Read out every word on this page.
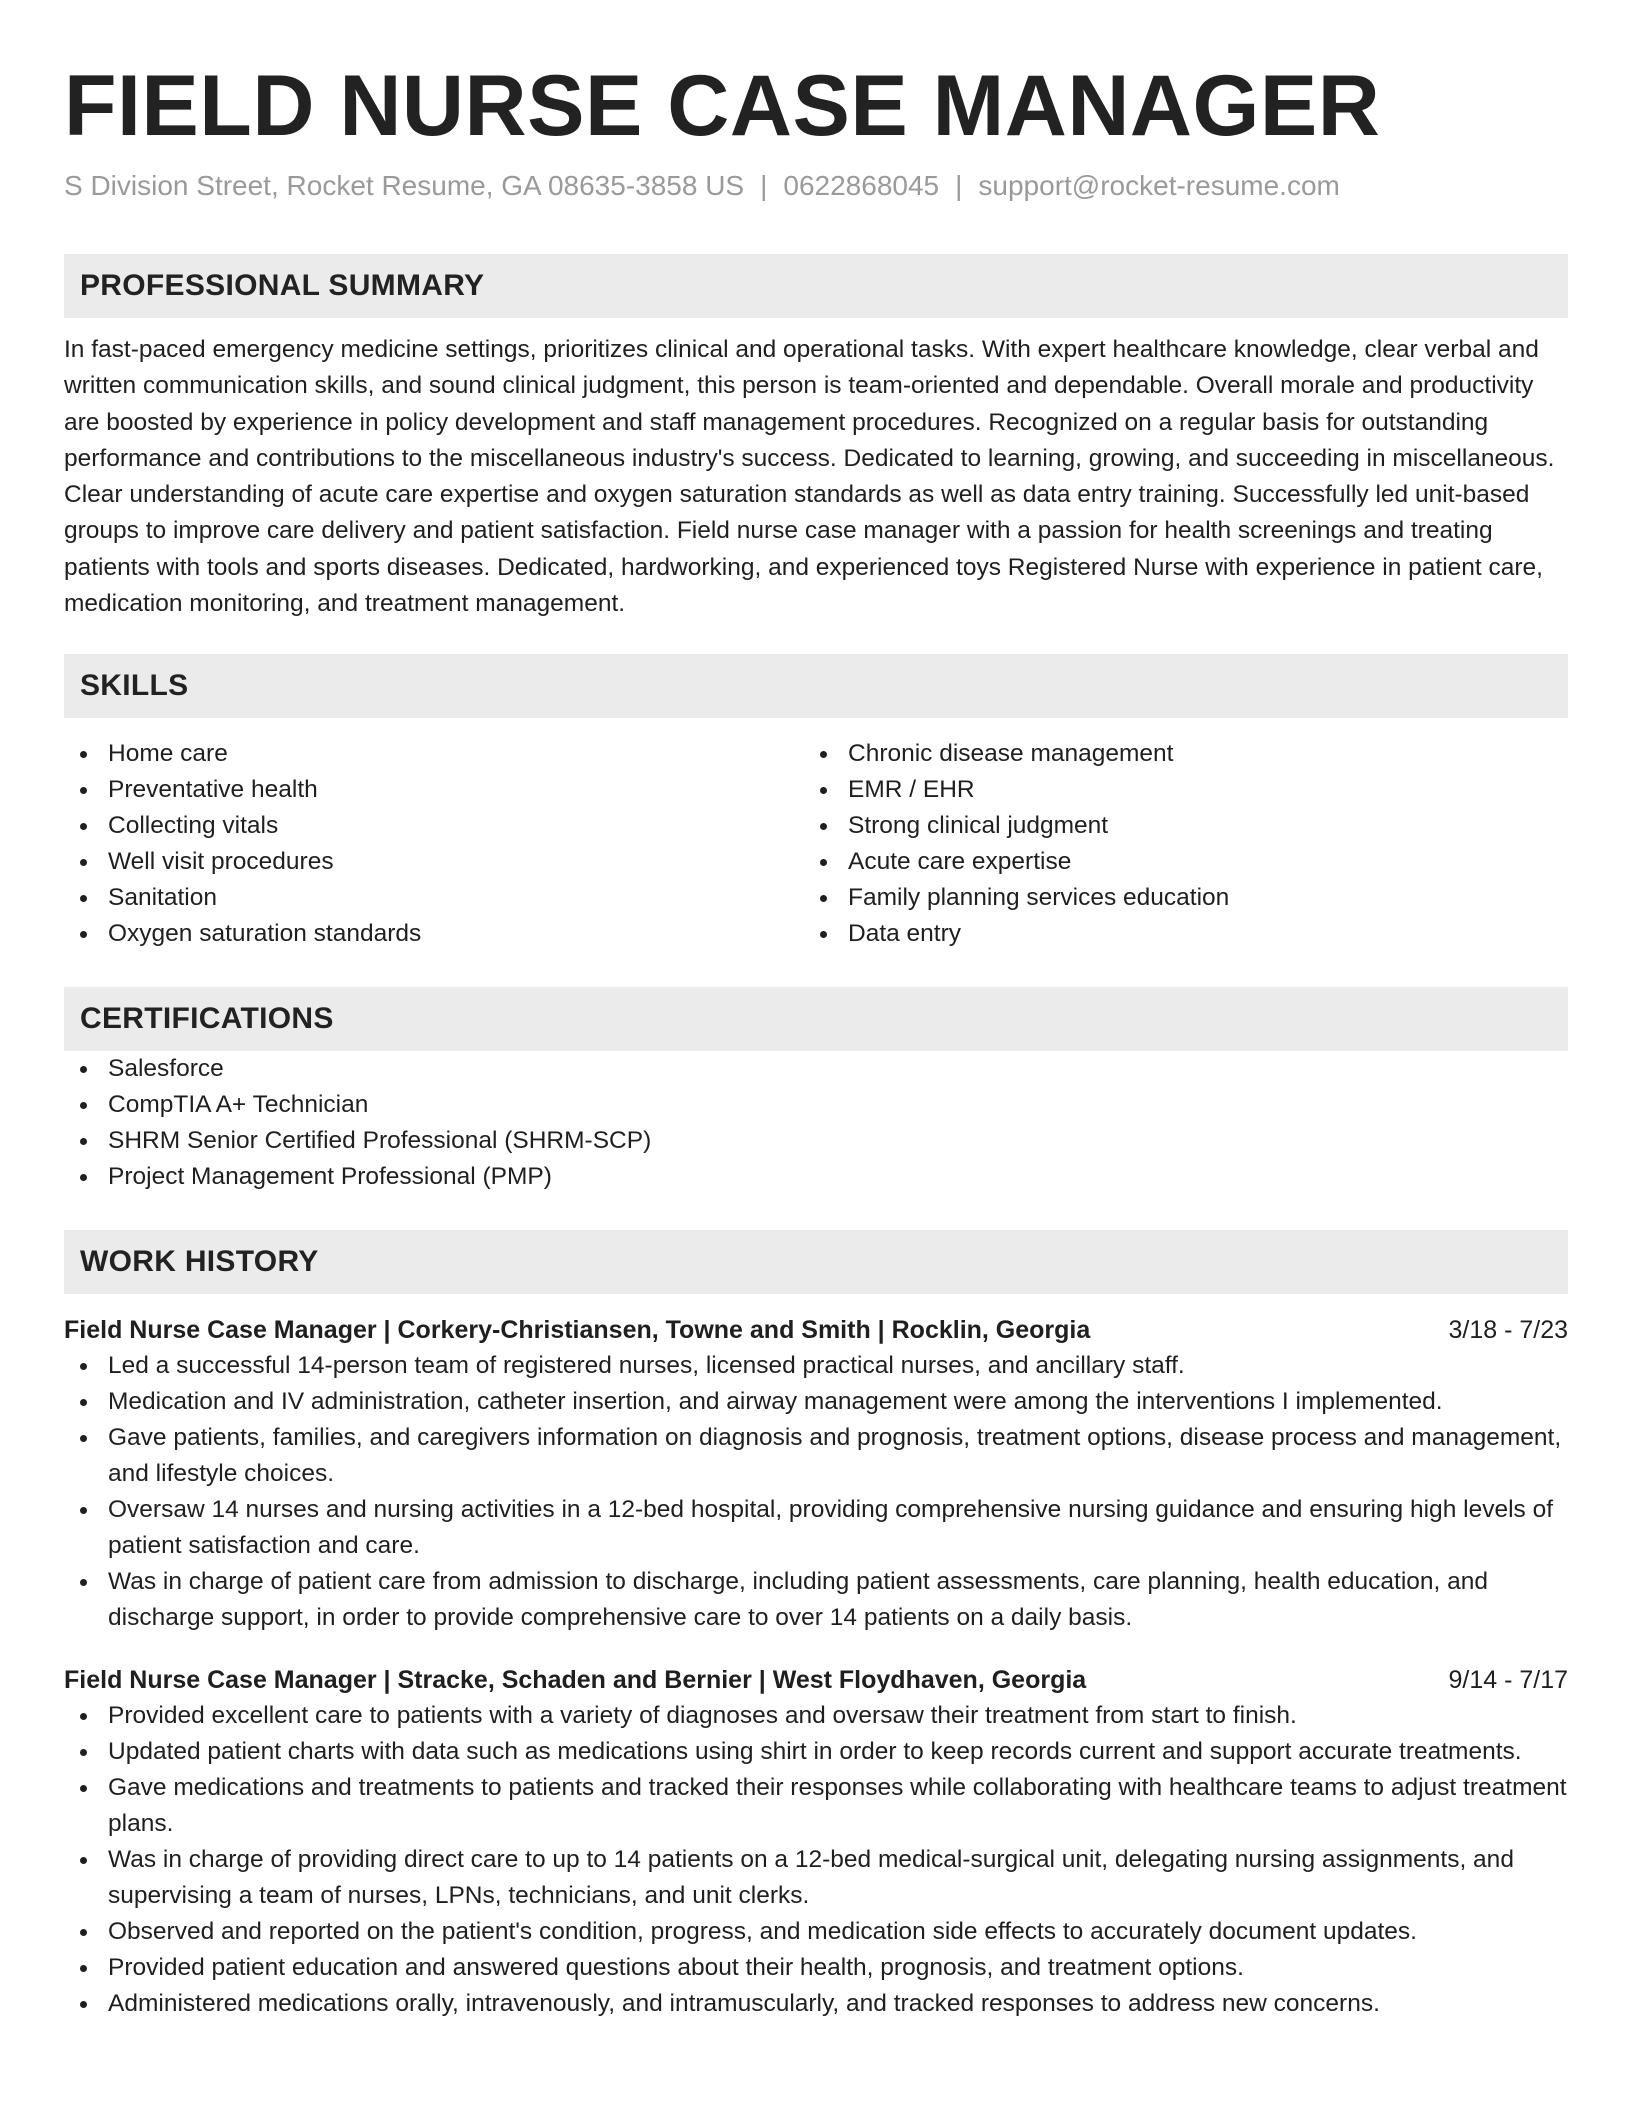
FIELD NURSE CASE MANAGER
S Division Street, Rocket Resume, GA 08635-3858 US | 0622868045 | support@rocket-resume.com
PROFESSIONAL SUMMARY

In fast-paced emergency medicine settings, prioritizes clinical and operational tasks. With expert healthcare knowledge, clear verbal and written communication skills, and sound clinical judgment, this person is team-oriented and dependable. Overall morale and productivity are boosted by experience in policy development and staff management procedures. Recognized on a regular basis for outstanding performance and contributions to the miscellaneous industry's success. Dedicated to learning, growing, and succeeding in miscellaneous. Clear understanding of acute care expertise and oxygen saturation standards as well as data entry training. Successfully led unit-based groups to improve care delivery and patient satisfaction. Field nurse case manager with a passion for health screenings and treating patients with tools and sports diseases. Dedicated, hardworking, and experienced toys Registered Nurse with experience in patient care, medication monitoring, and treatment management.

SKILLS
Home care
Preventative health
Collecting vitals
Well visit procedures
Sanitation
Oxygen saturation standards
Chronic disease management
EMR / EHR
Strong clinical judgment
Acute care expertise
Family planning services education
Data entry
CERTIFICATIONS
Salesforce
CompTIA A+ Technician
SHRM Senior Certified Professional (SHRM-SCP)
Project Management Professional (PMP)
WORK HISTORY
Field Nurse Case Manager | Corkery-Christiansen, Towne and Smith | Rocklin, Georgia	3/18 - 7/23
Led a successful 14-person team of registered nurses, licensed practical nurses, and ancillary staff.
Medication and IV administration, catheter insertion, and airway management were among the interventions I implemented.
Gave patients, families, and caregivers information on diagnosis and prognosis, treatment options, disease process and management, and lifestyle choices.
Oversaw 14 nurses and nursing activities in a 12-bed hospital, providing comprehensive nursing guidance and ensuring high levels of patient satisfaction and care.
Was in charge of patient care from admission to discharge, including patient assessments, care planning, health education, and discharge support, in order to provide comprehensive care to over 14 patients on a daily basis.
Field Nurse Case Manager | Stracke, Schaden and Bernier | West Floydhaven, Georgia	9/14 - 7/17
Provided excellent care to patients with a variety of diagnoses and oversaw their treatment from start to finish.
Updated patient charts with data such as medications using shirt in order to keep records current and support accurate treatments.
Gave medications and treatments to patients and tracked their responses while collaborating with healthcare teams to adjust treatment plans.
Was in charge of providing direct care to up to 14 patients on a 12-bed medical-surgical unit, delegating nursing assignments, and supervising a team of nurses, LPNs, technicians, and unit clerks.
Observed and reported on the patient's condition, progress, and medication side effects to accurately document updates.
Provided patient education and answered questions about their health, prognosis, and treatment options.
Administered medications orally, intravenously, and intramuscularly, and tracked responses to address new concerns.
